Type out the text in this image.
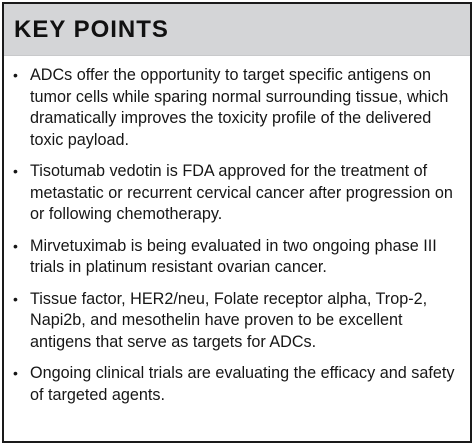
KEY POINTS
• ADCs offer the opportunity to target specific antigens on tumor cells while sparing normal surrounding tissue, which dramatically improves the toxicity profile of the delivered toxic payload.
• Tisotumab vedotin is FDA approved for the treatment of metastatic or recurrent cervical cancer after progression on or following chemotherapy.
• Mirvetuximab is being evaluated in two ongoing phase III trials in platinum resistant ovarian cancer.
• Tissue factor, HER2/neu, Folate receptor alpha, Trop-2, Napi2b, and mesothelin have proven to be excellent antigens that serve as targets for ADCs.
• Ongoing clinical trials are evaluating the efficacy and safety of targeted agents.
